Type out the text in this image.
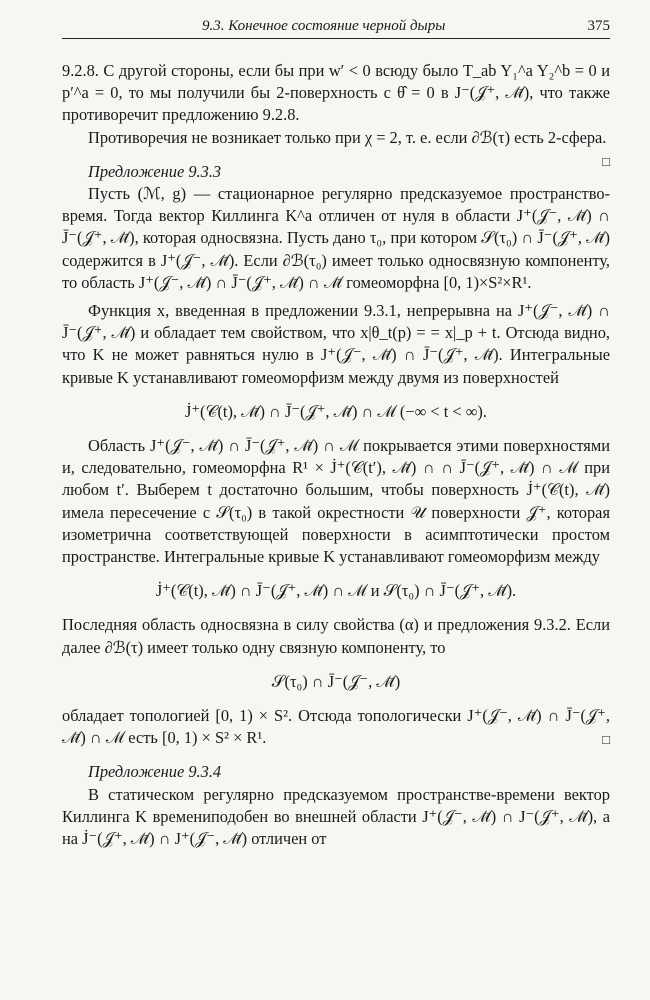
9.3. Конечное состояние черной дыры	375

9.2.8. С другой стороны, если бы при w′ < 0 всюду было T_ab Y₁^a Y₂^b = 0 и p′^a = 0, то мы получили бы 2-поверхность с θ̂ = 0 в J⁻(𝒥⁺, ℳ̄), что также противоречит предложению 9.2.8.

Противоречия не возникает только при χ = 2, т. е. если ∂ℬ(τ) есть 2-сфера.
□

Предложение 9.3.3

Пусть (ℳ, g) — стационарное регулярно предсказуемое пространство-время. Тогда вектор Киллинга K^a отличен от нуля в области J⁺(𝒥⁻, ℳ̄) ∩ J̄⁻(𝒥⁺, ℳ̄), которая односвязна. Пусть дано τ₀, при котором 𝒮(τ₀) ∩ J̄⁻(𝒥⁺, ℳ̄) содержится в J⁺(𝒥⁻, ℳ̄). Если ∂ℬ(τ₀) имеет только односвязную компоненту, то область J⁺(𝒥⁻, ℳ̄) ∩ J̄⁻(𝒥⁺, ℳ̄) ∩ ℳ̄ гомеоморфна [0, 1)×S²×R¹.

Функция x, введенная в предложении 9.3.1, непрерывна на J⁺(𝒥⁻, ℳ̄) ∩ J̄⁻(𝒥⁺, ℳ̄) и обладает тем свойством, что x|θ_t(p) = = x|_p + t. Отсюда видно, что K не может равняться нулю в J⁺(𝒥⁻, ℳ̄) ∩ J̄⁻(𝒥⁺, ℳ̄). Интегральные кривые K устанавливают гомеоморфизм между двумя из поверхностей

J̇⁺(𝒞(t), ℳ̄) ∩ J̄⁻(𝒥⁺, ℳ̄) ∩ ℳ (−∞ < t < ∞).

Область J⁺(𝒥⁻, ℳ̄) ∩ J̄⁻(𝒥⁺, ℳ̄) ∩ ℳ покрывается этими поверхностями и, следовательно, гомеоморфна R¹ × J̇⁺(𝒞(t′), ℳ̄) ∩ ∩ J̄⁻(𝒥⁺, ℳ̄) ∩ ℳ при любом t′. Выберем t достаточно большим, чтобы поверхность J̇⁺(𝒞(t), ℳ̄) имела пересечение с 𝒮(τ₀) в такой окрестности 𝒰 поверхности 𝒥⁺, которая изометрична соответствующей поверхности в асимптотически простом пространстве. Интегральные кривые K устанавливают гомеоморфизм между

J̇⁺(𝒞(t), ℳ̄) ∩ J̄⁻(𝒥⁺, ℳ̄) ∩ ℳ и 𝒮(τ₀) ∩ J̄⁻(𝒥⁺, ℳ̄).

Последняя область односвязна в силу свойства (α) и предложения 9.3.2. Если далее ∂ℬ(τ) имеет только одну связную компоненту, то

𝒮(τ₀) ∩ J̄⁻(𝒥⁻, ℳ̄)

обладает топологией [0, 1) × S². Отсюда топологически J⁺(𝒥⁻, ℳ̄) ∩ J̄⁻(𝒥⁺, ℳ̄) ∩ ℳ есть [0, 1) × S² × R¹.	□

Предложение 9.3.4

В статическом регулярно предсказуемом пространстве-времени вектор Киллинга K времениподобен во внешней области J⁺(𝒥⁻, ℳ̄) ∩ J⁻(𝒥⁺, ℳ̄), а на J̇⁻(𝒥⁺, ℳ̄) ∩ J⁺(𝒥⁻, ℳ̄) отличен от
